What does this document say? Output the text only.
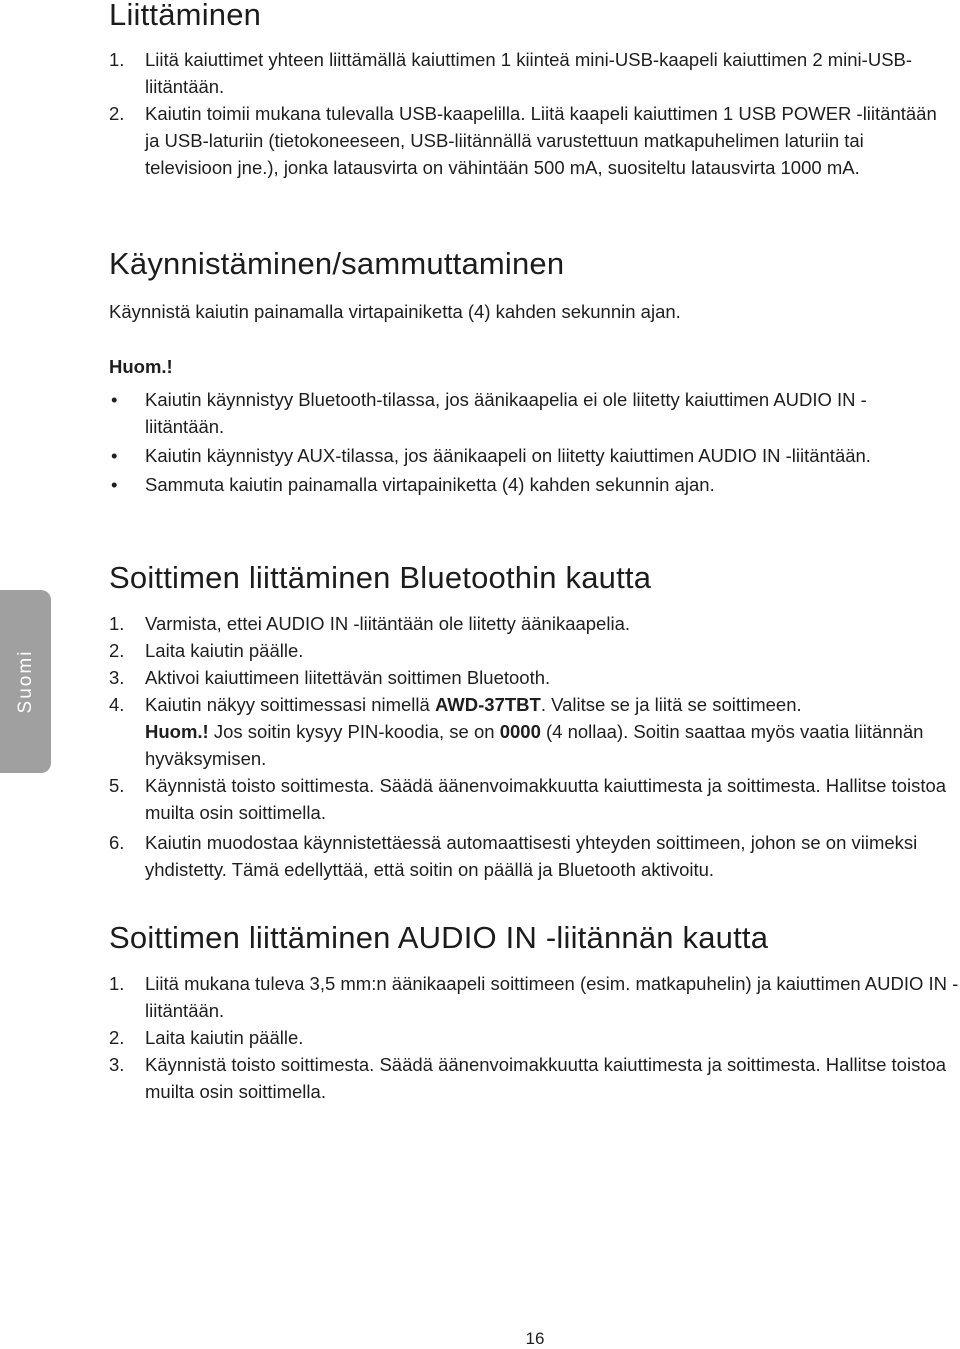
Suomi
Liittäminen
1. Liitä kaiuttimet yhteen liittämällä kaiuttimen 1 kiinteä mini-USB-kaapeli kaiuttimen 2 mini-USB-liitäntään.
2. Kaiutin toimii mukana tulevalla USB-kaapelilla. Liitä kaapeli kaiuttimen 1 USB POWER -liitäntään ja USB-laturiin (tietokoneeseen, USB-liitännällä varustettuun matkapuhelimen laturiin tai televisioon jne.), jonka latausvirta on vähintään 500 mA, suositeltu latausvirta 1000 mA.
Käynnistäminen/sammuttaminen

Käynnistä kaiutin painamalla virtapainiketta (4) kahden sekunnin ajan.

Huom.!

• Kaiutin käynnistyy Bluetooth-tilassa, jos äänikaapelia ei ole liitetty kaiuttimen AUDIO IN -liitäntään.
• Kaiutin käynnistyy AUX-tilassa, jos äänikaapeli on liitetty kaiuttimen AUDIO IN -liitäntään.
• Sammuta kaiutin painamalla virtapainiketta (4) kahden sekunnin ajan.
Soittimen liittäminen Bluetoothin kautta
1. Varmista, ettei AUDIO IN -liitäntään ole liitetty äänikaapelia.
2. Laita kaiutin päälle.
3. Aktivoi kaiuttimeen liitettävän soittimen Bluetooth.
4. Kaiutin näkyy soittimessasi nimellä AWD-37TBT. Valitse se ja liitä se soittimeen.
Huom.! Jos soitin kysyy PIN-koodia, se on 0000 (4 nollaa). Soitin saattaa myös vaatia liitännän hyväksymisen.
5. Käynnistä toisto soittimesta. Säädä äänenvoimakkuutta kaiuttimesta ja soittimesta. Hallitse toistoa muilta osin soittimella.
6. Kaiutin muodostaa käynnistettäessä automaattisesti yhteyden soittimeen, johon se on viimeksi yhdistetty. Tämä edellyttää, että soitin on päällä ja Bluetooth aktivoitu.
Soittimen liittäminen AUDIO IN -liitännän kautta
1. Liitä mukana tuleva 3,5 mm:n äänikaapeli soittimeen (esim. matkapuhelin) ja kaiuttimen AUDIO IN -liitäntään.
2. Laita kaiutin päälle.
3. Käynnistä toisto soittimesta. Säädä äänenvoimakkuutta kaiuttimesta ja soittimesta. Hallitse toistoa muilta osin soittimella.
16
